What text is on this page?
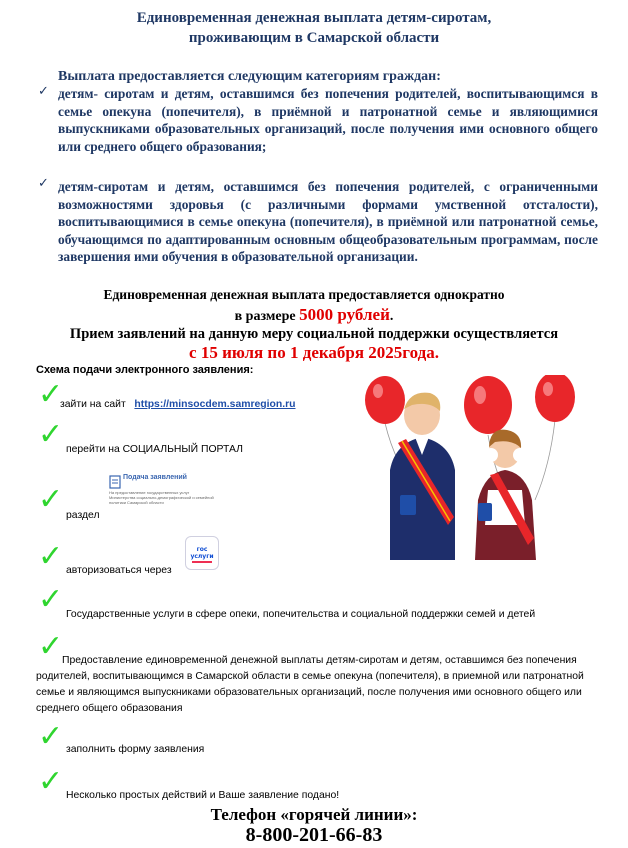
Единовременная денежная выплата детям-сиротам,
проживающим в Самарской области
Выплата предоставляется следующим категориям граждан:
✓ детям- сиротам и детям, оставшимся без попечения родителей, воспитывающимся в семье опекуна (попечителя), в приёмной и патронатной семье и являющимися выпускниками образовательных организаций, после получения ими основного общего или среднего общего образования;
✓ детям-сиротам и детям, оставшимся без попечения родителей, с ограниченными возможностями здоровья (с различными формами умственной отсталости), воспитывающимися в семье опекуна (попечителя), в приёмной или патронатной семье, обучающимся по адаптированным основным общеобразовательным программам, после завершения ими обучения в образовательной организации.
Единовременная денежная выплата предоставляется однократно
в размере 5000 рублей.
Прием заявлений на данную меру социальной поддержки осуществляется
с 15 июля по 1 декабря 2025года.
Схема подачи электронного заявления:
✓
зайти на сайт https://minsocdem.samregion.ru
✓ перейти на СОЦИАЛЬНЫЙ ПОРТАЛ
✓ раздел
Подача заявлений
На предоставление государственных услуг Министерства социально-демографической и семейной политики Самарской области
✓ авторизоваться через
гос
услуги
✓ Государственные услуги в сфере опеки, попечительства и социальной поддержки семей и детей
✓
Предоставление единовременной денежной выплаты детям-сиротам и детям, оставшимся без попечения родителей, воспитывающимся в Самарской области в семье опекуна (попечителя), в приемной или патронатной семье и являющимся выпускниками образовательных организаций, после получения ими основного общего или среднего общего образования
✓ заполнить форму заявления
✓ Несколько простых действий и Ваше заявление подано!
Телефон «горячей линии»:
8-800-201-66-83
